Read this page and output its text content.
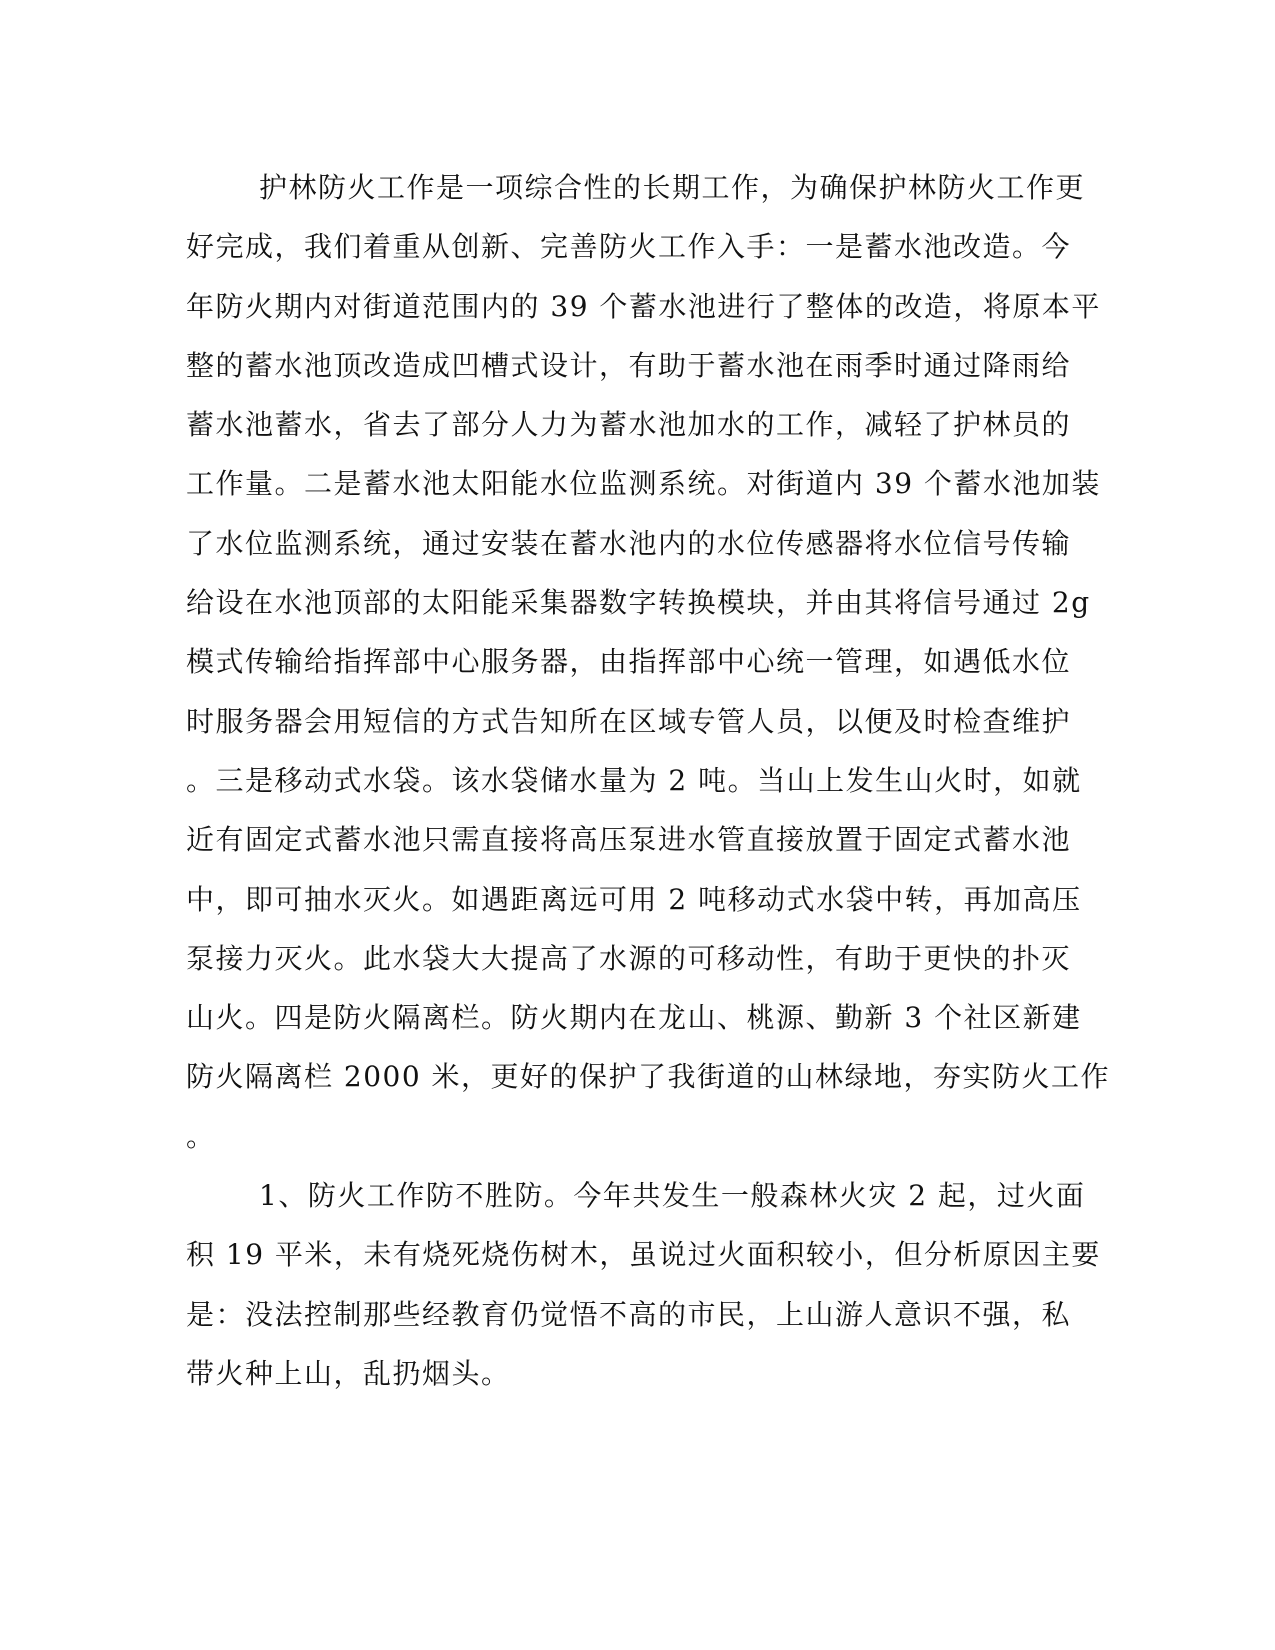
护林防火工作是一项综合性的长期工作，为确保护林防火工作更
好完成，我们着重从创新、完善防火工作入手：一是蓄水池改造。今
年防火期内对街道范围内的 39 个蓄水池进行了整体的改造，将原本平
整的蓄水池顶改造成凹槽式设计，有助于蓄水池在雨季时通过降雨给
蓄水池蓄水，省去了部分人力为蓄水池加水的工作，减轻了护林员的
工作量。二是蓄水池太阳能水位监测系统。对街道内 39 个蓄水池加装
了水位监测系统，通过安装在蓄水池内的水位传感器将水位信号传输
给设在水池顶部的太阳能采集器数字转换模块，并由其将信号通过 2g
模式传输给指挥部中心服务器，由指挥部中心统一管理，如遇低水位
时服务器会用短信的方式告知所在区域专管人员，以便及时检查维护
。三是移动式水袋。该水袋储水量为 2 吨。当山上发生山火时，如就
近有固定式蓄水池只需直接将高压泵进水管直接放置于固定式蓄水池
中，即可抽水灭火。如遇距离远可用 2 吨移动式水袋中转，再加高压
泵接力灭火。此水袋大大提高了水源的可移动性，有助于更快的扑灭
山火。四是防火隔离栏。防火期内在龙山、桃源、勤新 3 个社区新建
防火隔离栏 2000 米，更好的保护了我街道的山林绿地，夯实防火工作
。
1、防火工作防不胜防。今年共发生一般森林火灾 2 起，过火面
积 19 平米，未有烧死烧伤树木，虽说过火面积较小，但分析原因主要
是：没法控制那些经教育仍觉悟不高的市民，上山游人意识不强，私
带火种上山，乱扔烟头。
